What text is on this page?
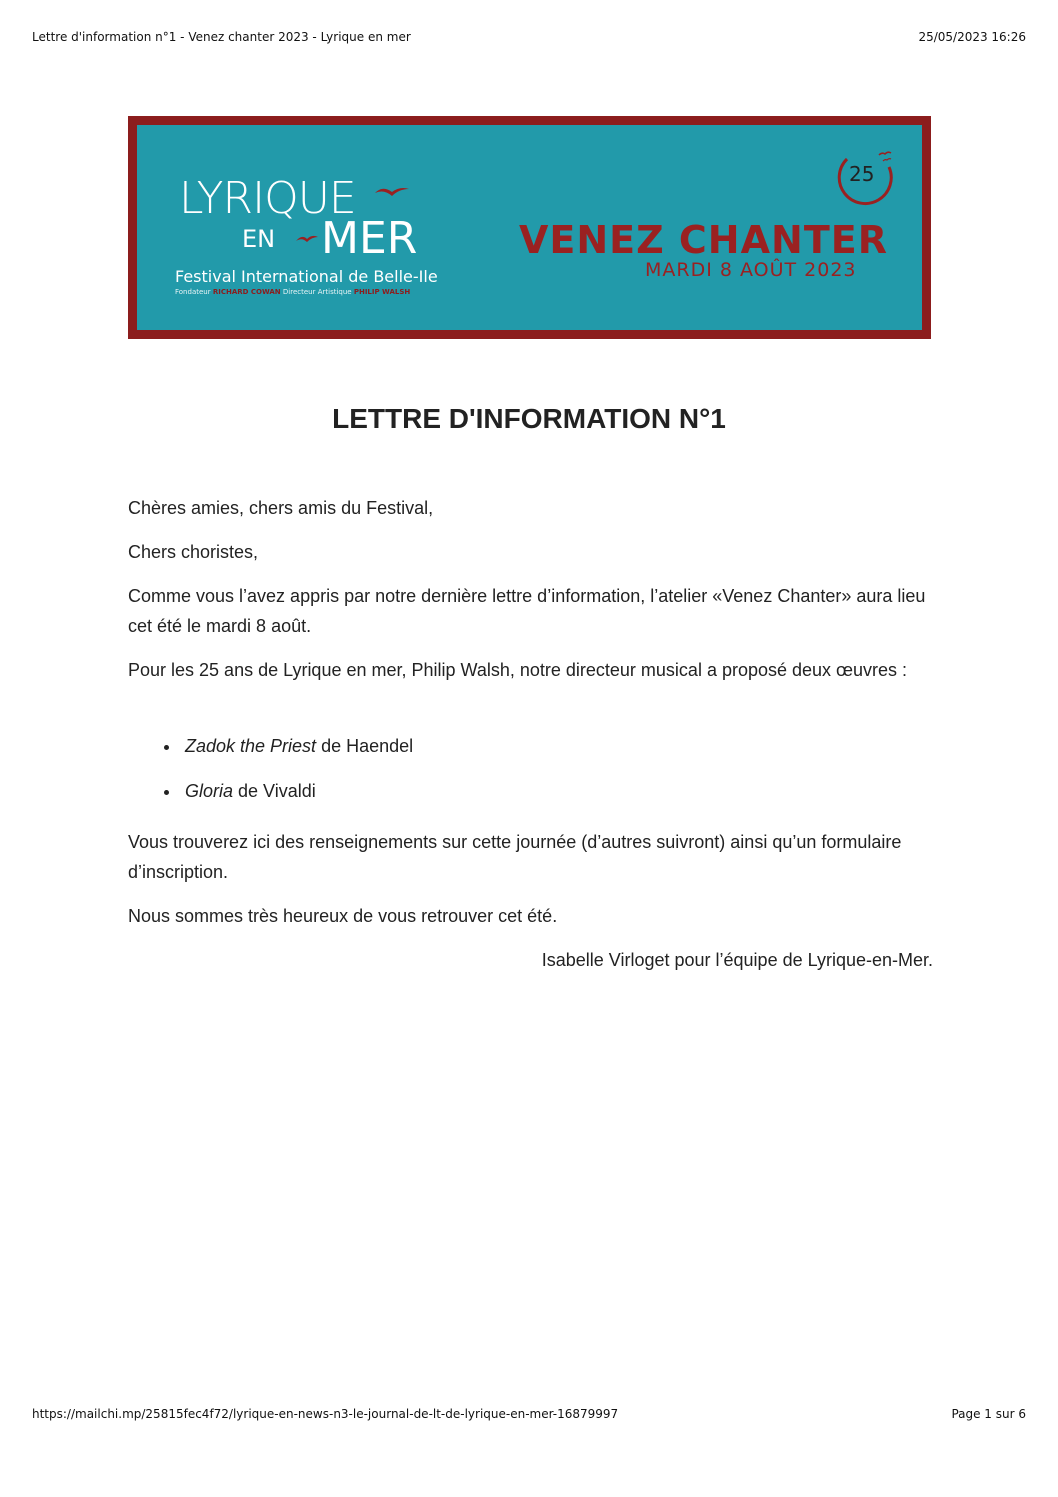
Lettre d'information n°1 - Venez chanter 2023 - Lyrique en mer	25/05/2023 16:26
LYRIQUE
EN MER
Festival International de Belle-Ile
Fondateur RICHARD COWAN Directeur Artistique PHILIP WALSH
25
VENEZ CHANTER
MARDI 8 AOÛT 2023
LETTRE D'INFORMATION N°1

Chères amies, chers amis du Festival,

Chers choristes,

Comme vous l’avez appris par notre dernière lettre d’information, l’atelier «Venez Chanter» aura lieu cet été le mardi 8 août.

Pour les 25 ans de Lyrique en mer, Philip Walsh, notre directeur musical a proposé deux œuvres :

Zadok the Priest de Haendel
Gloria de Vivaldi

Vous trouverez ici des renseignements sur cette journée (d’autres suivront) ainsi qu’un formulaire d’inscription.

Nous sommes très heureux de vous retrouver cet été.

Isabelle Virloget pour l’équipe de Lyrique-en-Mer.

https://mailchi.mp/25815fec4f72/lyrique-en-news-n3-le-journal-de-lt-de-lyrique-en-mer-16879997	Page 1 sur 6
